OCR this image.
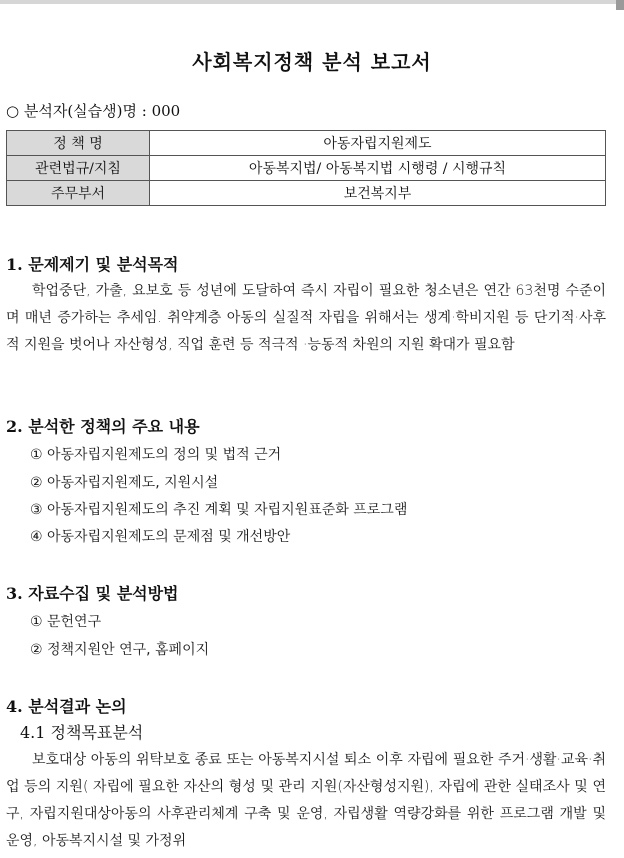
사회복지정책 분석 보고서
○ 분석자(실습생)명 : 000
정 책 명	아동자립지원제도
관련법규/지침	아동복지법/ 아동복지법 시행령 / 시행규칙
주무부서	보건복지부
1. 문제제기 및 분석목적
학업중단, 가출, 요보호 등 성년에 도달하여 즉시 자립이 필요한 청소년은 연간 63천명 수준이며 매년 증가하는 추세임. 취약계층 아동의 실질적 자립을 위해서는 생계·학비지원 등 단기적·사후적 지원을 벗어나 자산형성, 직업 훈련 등 적극적 ·능동적 차원의 지원 확대가 필요함
2. 분석한 정책의 주요 내용
① 아동자립지원제도의 정의 및 법적 근거
② 아동자립지원제도, 지원시설
③ 아동자립지원제도의 추진 계획 및 자립지원표준화 프로그램
④ 아동자립지원제도의 문제점 및 개선방안
3. 자료수집 및 분석방법
① 문헌연구
② 정책지원안 연구, 홈페이지
4. 분석결과 논의
4.1 정책목표분석
보호대상 아동의 위탁보호 종료 또는 아동복지시설 퇴소 이후 자립에 필요한 주거·생활·교육·취업 등의 지원( 자립에 필요한 자산의 형성 및 관리 지원(자산형성지원), 자립에 관한 실태조사 및 연구, 자립지원대상아동의 사후관리체계 구축 및 운영, 자립생활 역량강화를 위한 프로그램 개발 및 운영, 아동복지시설 및 가정위
